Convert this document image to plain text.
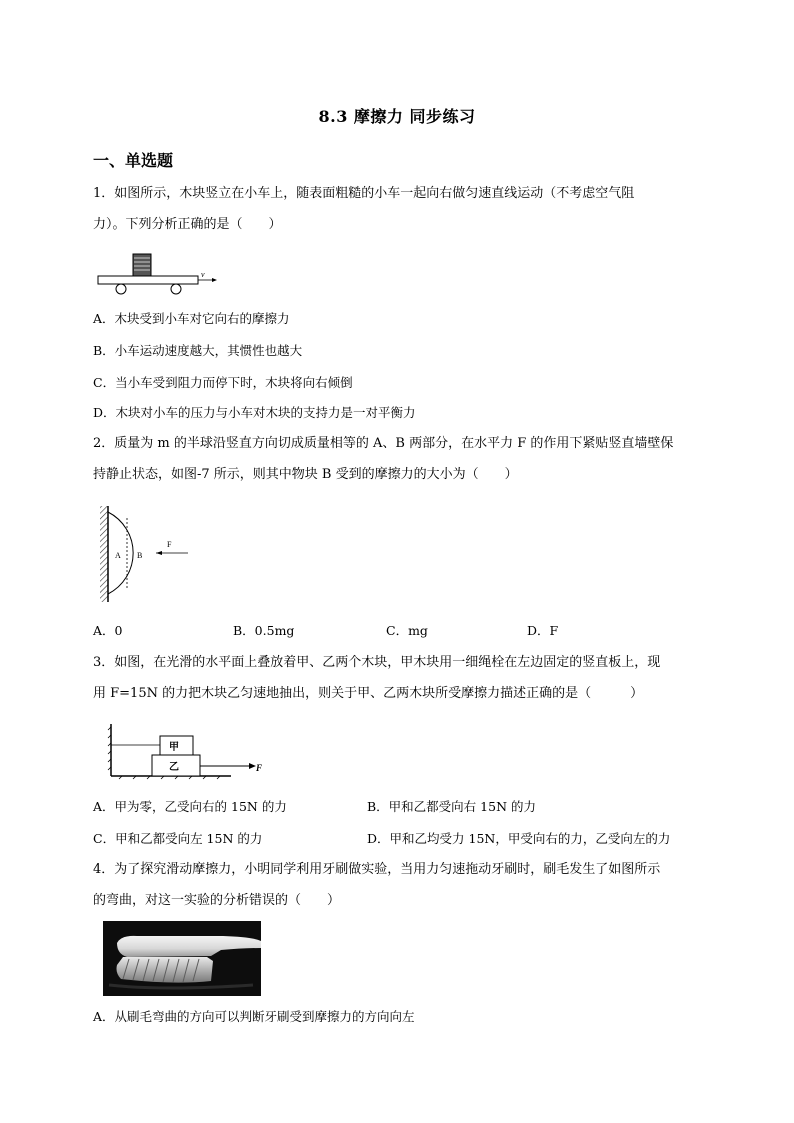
8.3 摩擦力 同步练习
一、单选题
1．如图所示，木块竖立在小车上，随表面粗糙的小车一起向右做匀速直线运动（不考虑空气阻
力）。下列分析正确的是（　　）
v
A．木块受到小车对它向右的摩擦力
B．小车运动速度越大，其惯性也越大
C．当小车受到阻力而停下时，木块将向右倾倒
D．木块对小车的压力与小车对木块的支持力是一对平衡力
2．质量为 m 的半球沿竖直方向切成质量相等的 A、B 两部分，在水平力 F 的作用下紧贴竖直墙壁保
持静止状态，如图-7 所示，则其中物块 B 受到的摩擦力的大小为（　　）
A B
F
A．0	B．0.5mg	C．mg	D．F
3．如图，在光滑的水平面上叠放着甲、乙两个木块，甲木块用一细绳栓在左边固定的竖直板上，现
用 F=15N 的力把木块乙匀速地抽出，则关于甲、乙两木块所受摩擦力描述正确的是（　　　）
甲
乙	F
A．甲为零，乙受向右的 15N 的力	B．甲和乙都受向右 15N 的力
C．甲和乙都受向左 15N 的力	D．甲和乙均受力 15N，甲受向右的力，乙受向左的力
4．为了探究滑动摩擦力，小明同学利用牙刷做实验，当用力匀速拖动牙刷时，刷毛发生了如图所示
的弯曲，对这一实验的分析错误的（　　）
A．从刷毛弯曲的方向可以判断牙刷受到摩擦力的方向向左
